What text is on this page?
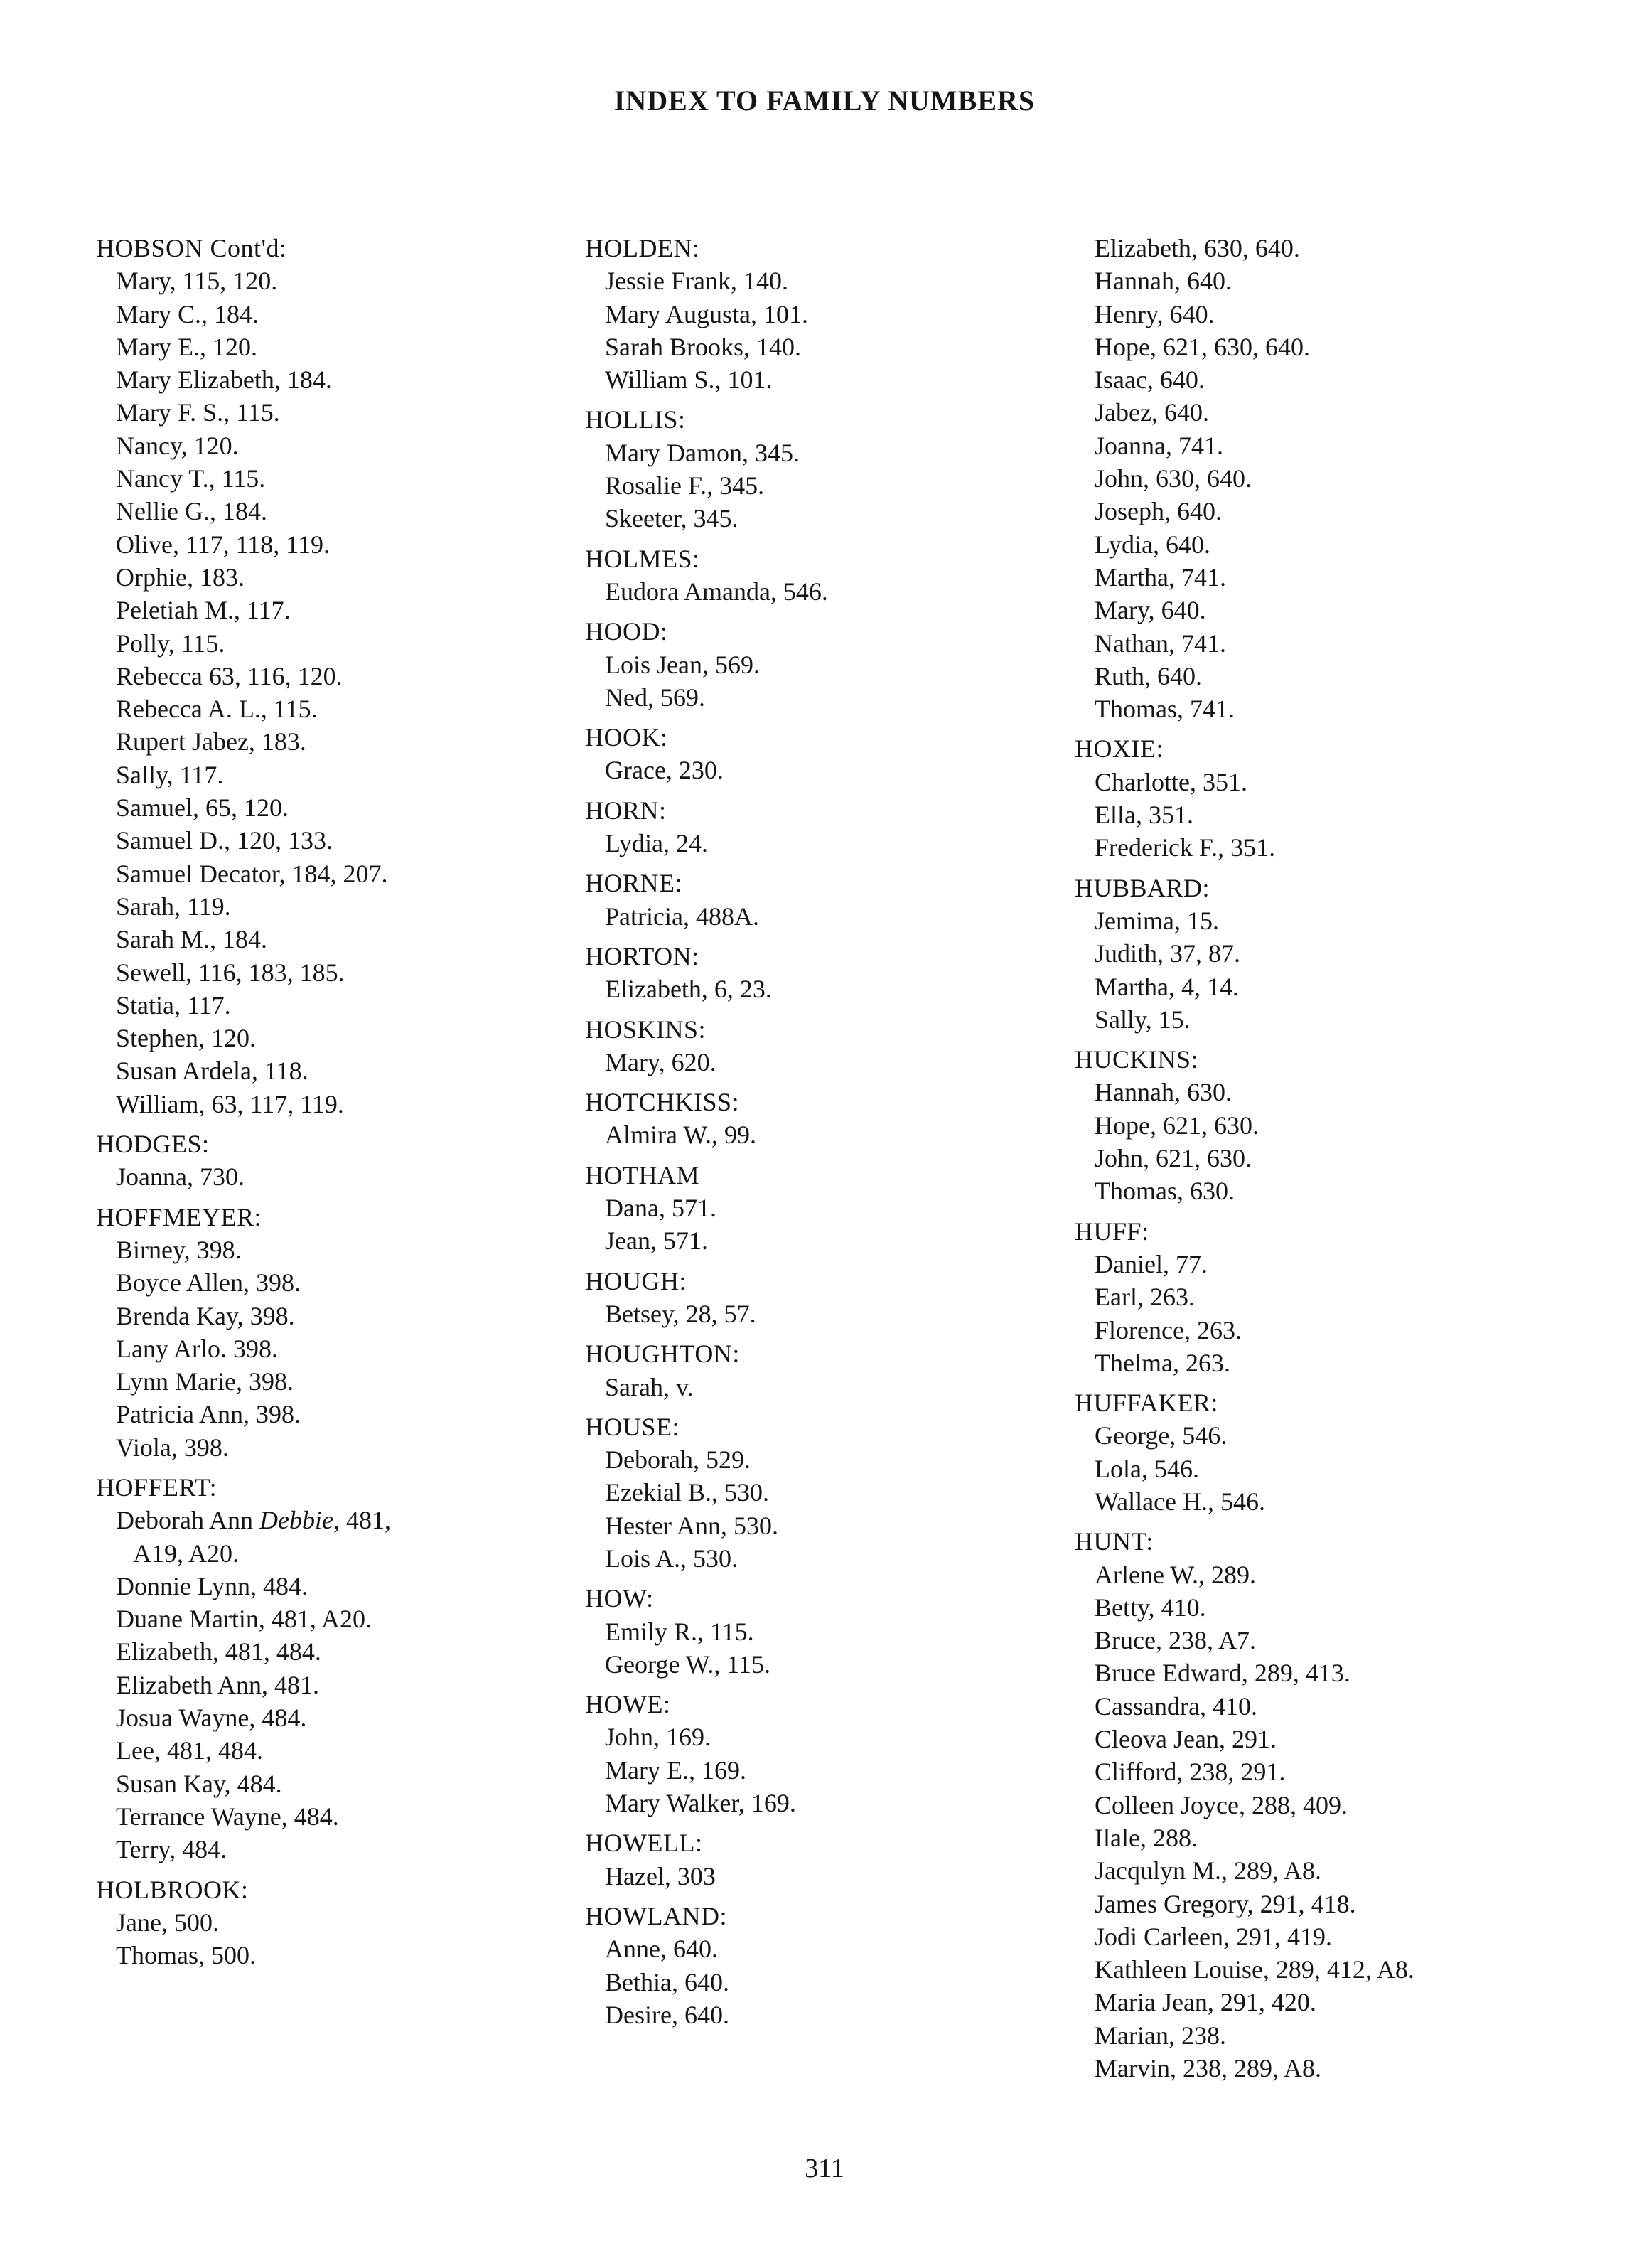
INDEX TO FAMILY NUMBERS
HOBSON Cont'd:
Mary, 115, 120.
Mary C., 184.
Mary E., 120.
Mary Elizabeth, 184.
Mary F. S., 115.
Nancy, 120.
Nancy T., 115.
Nellie G., 184.
Olive, 117, 118, 119.
Orphie, 183.
Peletiah M., 117.
Polly, 115.
Rebecca 63, 116, 120.
Rebecca A. L., 115.
Rupert Jabez, 183.
Sally, 117.
Samuel, 65, 120.
Samuel D., 120, 133.
Samuel Decator, 184, 207.
Sarah, 119.
Sarah M., 184.
Sewell, 116, 183, 185.
Statia, 117.
Stephen, 120.
Susan Ardela, 118.
William, 63, 117, 119.
HODGES:
Joanna, 730.
HOFFMEYER:
Birney, 398.
Boyce Allen, 398.
Brenda Kay, 398.
Lany Arlo. 398.
Lynn Marie, 398.
Patricia Ann, 398.
Viola, 398.
HOFFERT:
Deborah Ann Debbie, 481,
A19, A20.
Donnie Lynn, 484.
Duane Martin, 481, A20.
Elizabeth, 481, 484.
Elizabeth Ann, 481.
Josua Wayne, 484.
Lee, 481, 484.
Susan Kay, 484.
Terrance Wayne, 484.
Terry, 484.
HOLBROOK:
Jane, 500.
Thomas, 500.
HOLDEN:
Jessie Frank, 140.
Mary Augusta, 101.
Sarah Brooks, 140.
William S., 101.
HOLLIS:
Mary Damon, 345.
Rosalie F., 345.
Skeeter, 345.
HOLMES:
Eudora Amanda, 546.
HOOD:
Lois Jean, 569.
Ned, 569.
HOOK:
Grace, 230.
HORN:
Lydia, 24.
HORNE:
Patricia, 488A.
HORTON:
Elizabeth, 6, 23.
HOSKINS:
Mary, 620.
HOTCHKISS:
Almira W., 99.
HOTHAM
Dana, 571.
Jean, 571.
HOUGH:
Betsey, 28, 57.
HOUGHTON:
Sarah, v.
HOUSE:
Deborah, 529.
Ezekial B., 530.
Hester Ann, 530.
Lois A., 530.
HOW:
Emily R., 115.
George W., 115.
HOWE:
John, 169.
Mary E., 169.
Mary Walker, 169.
HOWELL:
Hazel, 303
HOWLAND:
Anne, 640.
Bethia, 640.
Desire, 640.
Elizabeth, 630, 640.
Hannah, 640.
Henry, 640.
Hope, 621, 630, 640.
Isaac, 640.
Jabez, 640.
Joanna, 741.
John, 630, 640.
Joseph, 640.
Lydia, 640.
Martha, 741.
Mary, 640.
Nathan, 741.
Ruth, 640.
Thomas, 741.
HOXIE:
Charlotte, 351.
Ella, 351.
Frederick F., 351.
HUBBARD:
Jemima, 15.
Judith, 37, 87.
Martha, 4, 14.
Sally, 15.
HUCKINS:
Hannah, 630.
Hope, 621, 630.
John, 621, 630.
Thomas, 630.
HUFF:
Daniel, 77.
Earl, 263.
Florence, 263.
Thelma, 263.
HUFFAKER:
George, 546.
Lola, 546.
Wallace H., 546.
HUNT:
Arlene W., 289.
Betty, 410.
Bruce, 238, A7.
Bruce Edward, 289, 413.
Cassandra, 410.
Cleova Jean, 291.
Clifford, 238, 291.
Colleen Joyce, 288, 409.
Ilale, 288.
Jacqulyn M., 289, A8.
James Gregory, 291, 418.
Jodi Carleen, 291, 419.
Kathleen Louise, 289, 412, A8.
Maria Jean, 291, 420.
Marian, 238.
Marvin, 238, 289, A8.
311
